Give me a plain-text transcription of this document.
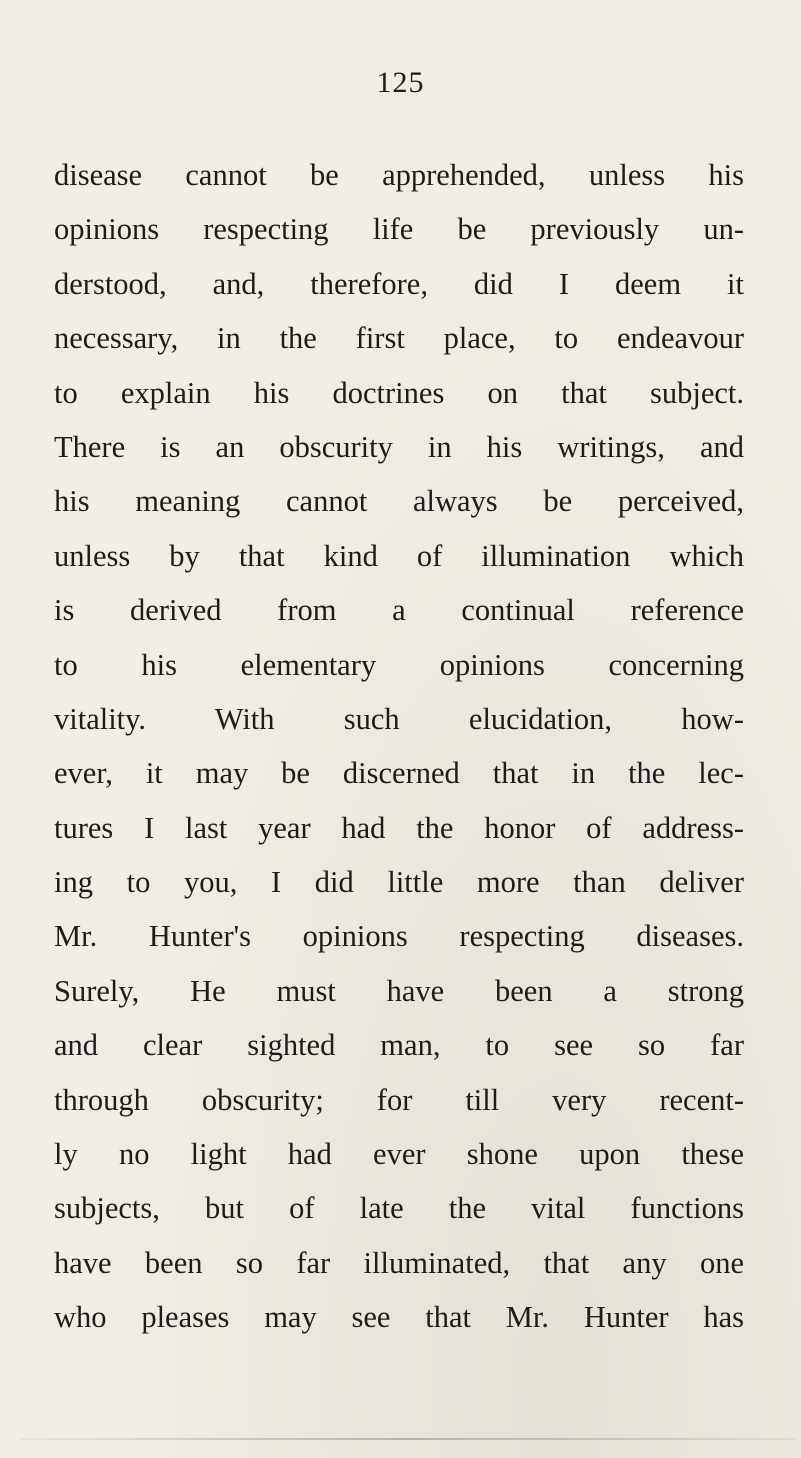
125
disease cannot be apprehended, unless his
opinions respecting life be previously un-
derstood, and, therefore, did I deem it
necessary, in the first place, to endeavour
to explain his doctrines on that subject.
There is an obscurity in his writings, and
his meaning cannot always be perceived,
unless by that kind of illumination which
is derived from a continual reference
to his elementary opinions concerning
vitality. With such elucidation, how-
ever, it may be discerned that in the lec-
tures I last year had the honor of address-
ing to you, I did little more than deliver
Mr. Hunter's opinions respecting diseases.
Surely, He must have been a strong
and clear sighted man, to see so far
through obscurity; for till very recent-
ly no light had ever shone upon these
subjects, but of late the vital functions
have been so far illuminated, that any one
who pleases may see that Mr. Hunter has
